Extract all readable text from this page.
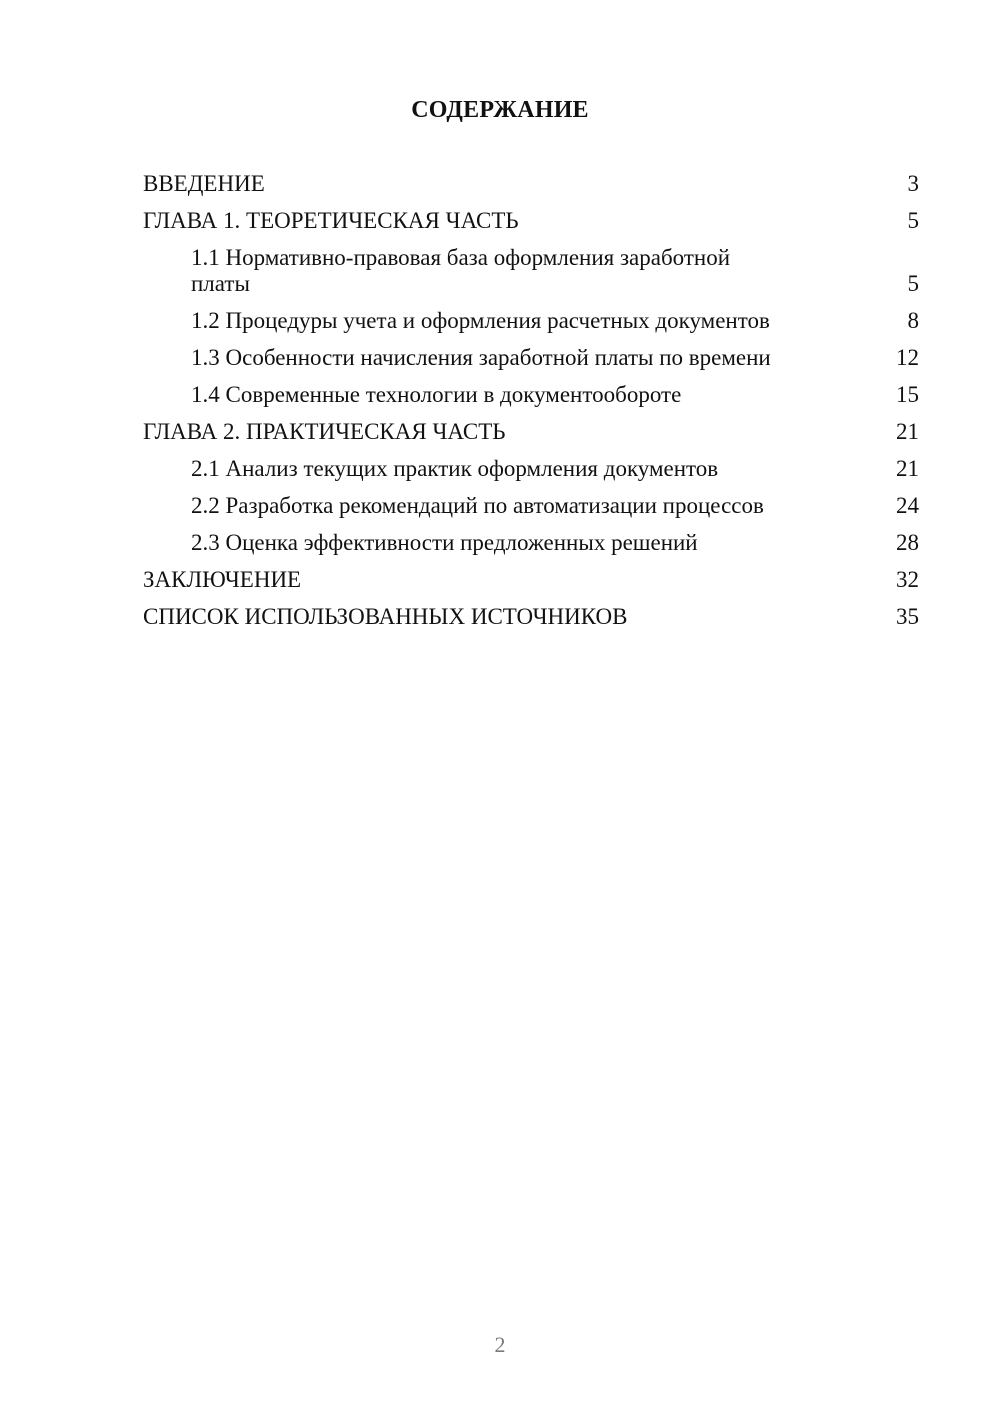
СОДЕРЖАНИЕ
ВВЕДЕНИЕ	3
ГЛАВА 1. ТЕОРЕТИЧЕСКАЯ ЧАСТЬ	5
1.1 Нормативно-правовая база оформления заработной платы	5
1.2 Процедуры учета и оформления расчетных документов	8
1.3 Особенности начисления заработной платы по времени	12
1.4 Современные технологии в документообороте	15
ГЛАВА 2. ПРАКТИЧЕСКАЯ ЧАСТЬ	21
2.1 Анализ текущих практик оформления документов	21
2.2 Разработка рекомендаций по автоматизации процессов	24
2.3 Оценка эффективности предложенных решений	28
ЗАКЛЮЧЕНИЕ	32
СПИСОК ИСПОЛЬЗОВАННЫХ ИСТОЧНИКОВ	35
2
